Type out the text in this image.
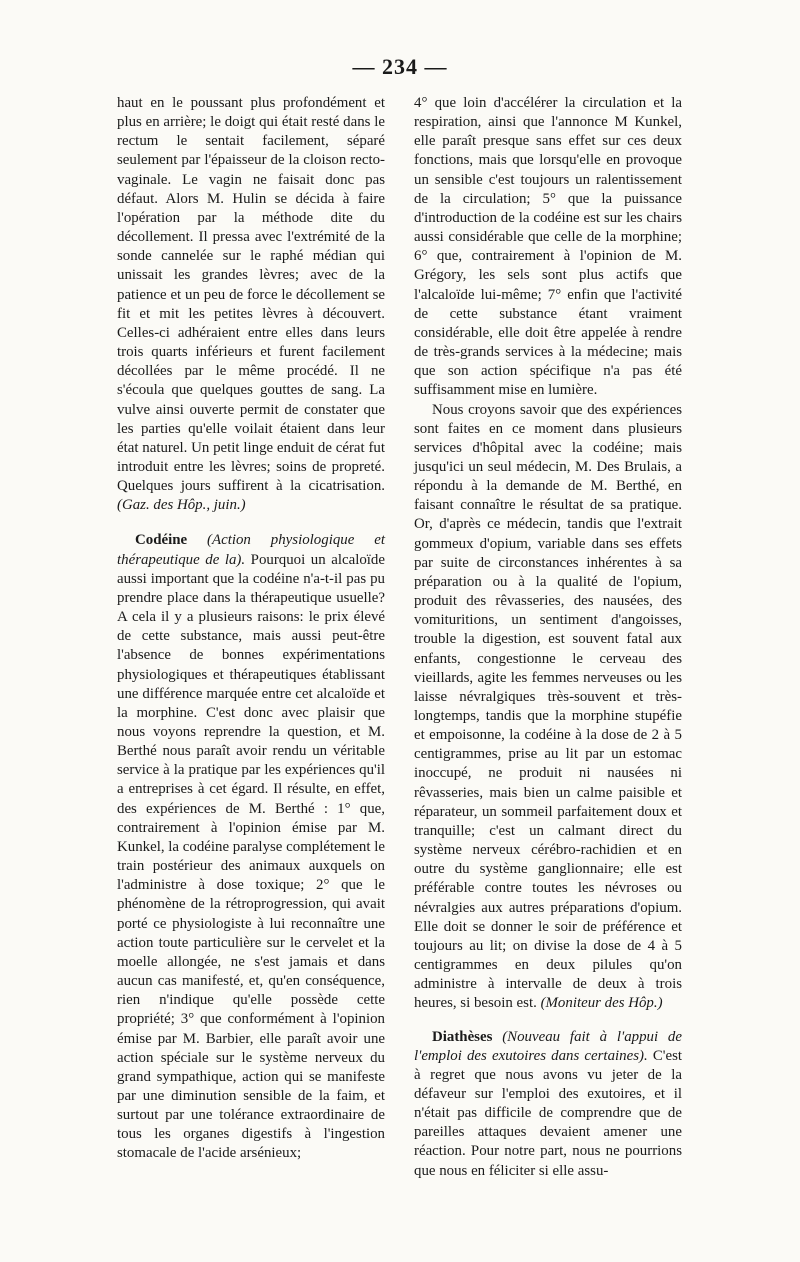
— 234 —

haut en le poussant plus profondément et plus en arrière; le doigt qui était resté dans le rectum le sentait facilement, séparé seulement par l'épaisseur de la cloison recto-vaginale. Le vagin ne faisait donc pas défaut. Alors M. Hulin se décida à faire l'opération par la méthode dite du décollement. Il pressa avec l'extrémité de la sonde cannelée sur le raphé médian qui unissait les grandes lèvres; avec de la patience et un peu de force le décollement se fit et mit les petites lèvres à découvert. Celles-ci adhéraient entre elles dans leurs trois quarts inférieurs et furent facilement décollées par le même procédé. Il ne s'écoula que quelques gouttes de sang. La vulve ainsi ouverte permit de constater que les parties qu'elle voilait étaient dans leur état naturel. Un petit linge enduit de cérat fut introduit entre les lèvres; soins de propreté. Quelques jours suffirent à la cicatrisation. (Gaz. des Hôp., juin.)

Codéine (Action physiologique et thérapeutique de la). Pourquoi un alcaloïde aussi important que la codéine n'a-t-il pas pu prendre place dans la thérapeutique usuelle? A cela il y a plusieurs raisons: le prix élevé de cette substance, mais aussi peut-être l'absence de bonnes expérimentations physiologiques et thérapeutiques établissant une différence marquée entre cet alcaloïde et la morphine. C'est donc avec plaisir que nous voyons reprendre la question, et M. Berthé nous paraît avoir rendu un véritable service à la pratique par les expériences qu'il a entreprises à cet égard. Il résulte, en effet, des expériences de M. Berthé : 1° que, contrairement à l'opinion émise par M. Kunkel, la codéine paralyse complétement le train postérieur des animaux auxquels on l'administre à dose toxique; 2° que le phénomène de la rétroprogression, qui avait porté ce physiologiste à lui reconnaître une action toute particulière sur le cervelet et la moelle allongée, ne s'est jamais et dans aucun cas manifesté, et, qu'en conséquence, rien n'indique qu'elle possède cette propriété; 3° que conformément à l'opinion émise par M. Barbier, elle paraît avoir une action spéciale sur le système nerveux du grand sympathique, action qui se manifeste par une diminution sensible de la faim, et surtout par une tolérance extraordinaire de tous les organes digestifs à l'ingestion stomacale de l'acide arsénieux;

4° que loin d'accélérer la circulation et la respiration, ainsi que l'annonce M Kunkel, elle paraît presque sans effet sur ces deux fonctions, mais que lorsqu'elle en provoque un sensible c'est toujours un ralentissement de la circulation; 5° que la puissance d'introduction de la codéine est sur les chairs aussi considérable que celle de la morphine; 6° que, contrairement à l'opinion de M. Grégory, les sels sont plus actifs que l'alcaloïde lui-même; 7° enfin que l'activité de cette substance étant vraiment considérable, elle doit être appelée à rendre de très-grands services à la médecine; mais que son action spécifique n'a pas été suffisamment mise en lumière.

Nous croyons savoir que des expériences sont faites en ce moment dans plusieurs services d'hôpital avec la codéine; mais jusqu'ici un seul médecin, M. Des Brulais, a répondu à la demande de M. Berthé, en faisant connaître le résultat de sa pratique. Or, d'après ce médecin, tandis que l'extrait gommeux d'opium, variable dans ses effets par suite de circonstances inhérentes à sa préparation ou à la qualité de l'opium, produit des rêvasseries, des nausées, des vomituritions, un sentiment d'angoisses, trouble la digestion, est souvent fatal aux enfants, congestionne le cerveau des vieillards, agite les femmes nerveuses ou les laisse névralgiques très-souvent et très-longtemps, tandis que la morphine stupéfie et empoisonne, la codéine à la dose de 2 à 5 centigrammes, prise au lit par un estomac inoccupé, ne produit ni nausées ni rêvasseries, mais bien un calme paisible et réparateur, un sommeil parfaitement doux et tranquille; c'est un calmant direct du système nerveux cérébro-rachidien et en outre du système ganglionnaire; elle est préférable contre toutes les névroses ou névralgies aux autres préparations d'opium. Elle doit se donner le soir de préférence et toujours au lit; on divise la dose de 4 à 5 centigrammes en deux pilules qu'on administre à intervalle de deux à trois heures, si besoin est. (Moniteur des Hôp.)

Diathèses (Nouveau fait à l'appui de l'emploi des exutoires dans certaines). C'est à regret que nous avons vu jeter de la défaveur sur l'emploi des exutoires, et il n'était pas difficile de comprendre que de pareilles attaques devaient amener une réaction. Pour notre part, nous ne pourrions que nous en féliciter si elle assu-
